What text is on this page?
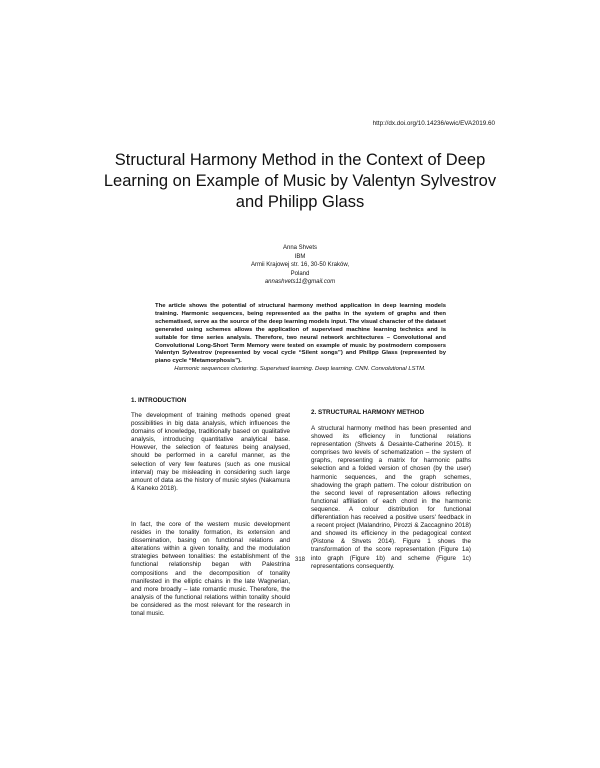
http://dx.doi.org/10.14236/ewic/EVA2019.60
Structural Harmony Method in the Context of Deep Learning on Example of Music by Valentyn Sylvestrov and Philipp Glass
Anna Shvets
IBM
Armii Krajowej str. 16, 30-50 Kraków,
Poland
annashvets11@gmail.com

The article shows the potential of structural harmony method application in deep learning models training. Harmonic sequences, being represented as the paths in the system of graphs and then schematised, serve as the source of the deep learning models input. The visual character of the dataset generated using schemes allows the application of supervised machine learning technics and is suitable for time series analysis. Therefore, two neural network architectures – Convolutional and Convolutional Long-Short Term Memory were tested on example of music by postmodern composers Valentyn Sylvestrov (represented by vocal cycle “Silent songs”) and Philipp Glass (represented by piano cycle “Metamorphosis”).

Harmonic sequences clustering. Supervised learning. Deep learning. CNN. Convolutional LSTM.

1. INTRODUCTION

The development of training methods opened great possibilities in big data analysis, which influences the domains of knowledge, traditionally based on qualitative analysis, introducing quantitative analytical base. However, the selection of features being analysed, should be performed in a careful manner, as the selection of very few features (such as one musical interval) may be misleading in considering such large amount of data as the history of music styles (Nakamura & Kaneko 2018).

In fact, the core of the western music development resides in the tonality formation, its extension and dissemination, basing on functional relations and alterations within a given tonality, and the modulation strategies between tonalities: the establishment of the functional relationship began with Palestrina compositions and the decomposition of tonality manifested in the elliptic chains in the late Wagnerian, and more broadly – late romantic music. Therefore, the analysis of the functional relations within tonality should be considered as the most relevant for the research in tonal music.

2. STRUCTURAL HARMONY METHOD

A structural harmony method has been presented and showed its efficiency in functional relations representation (Shvets & Desainte-Catherine 2015). It comprises two levels of schematization – the system of graphs, representing a matrix for harmonic paths selection and a folded version of chosen (by the user) harmonic sequences, and the graph schemes, shadowing the graph pattern. The colour distribution on the second level of representation allows reflecting functional affiliation of each chord in the harmonic sequence. A colour distribution for functional differentiation has received a positive users' feedback in a recent project (Malandrino, Pirozzi & Zaccagnino 2018) and showed its efficiency in the pedagogical context (Pistone & Shvets 2014). Figure 1 shows the transformation of the score representation (Figure 1a) into graph (Figure 1b) and scheme (Figure 1c) representations consequently.

318
